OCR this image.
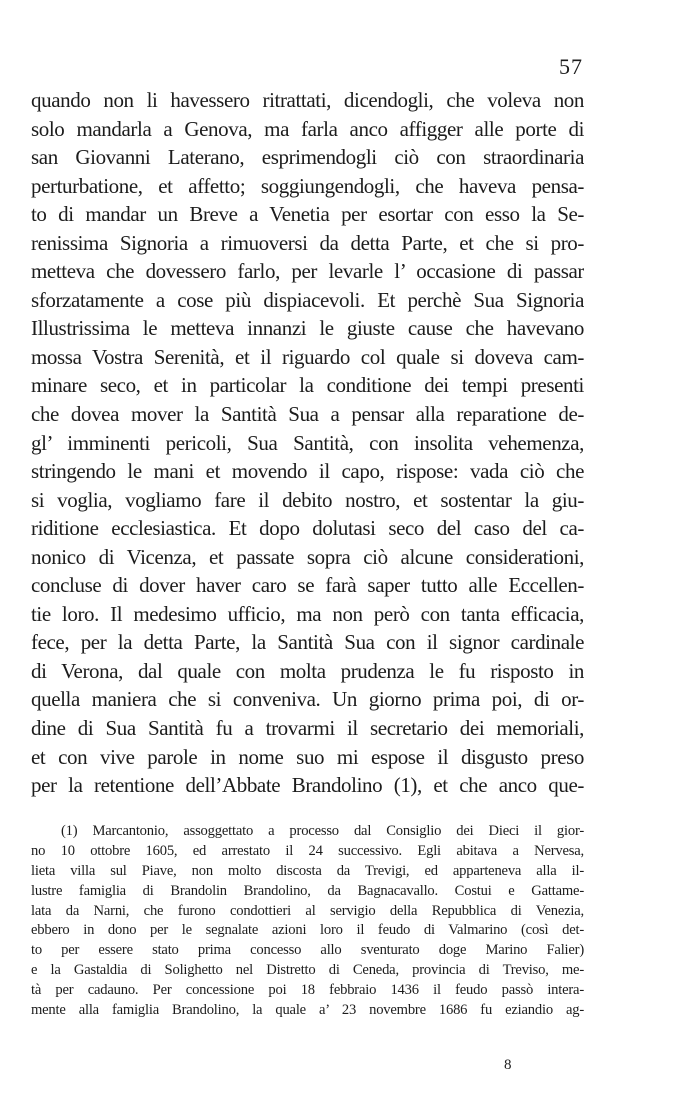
57
quando non li havessero ritrattati, dicendogli, che voleva non
solo mandarla a Genova, ma farla anco affigger alle porte di
san Giovanni Laterano, esprimendogli ciò con straordinaria
perturbatione, et affetto; soggiungendogli, che haveva pensa-
to di mandar un Breve a Venetia per esortar con esso la Se-
renissima Signoria a rimuoversi da detta Parte, et che si pro-
metteva che dovessero farlo, per levarle l’ occasione di passar
sforzatamente a cose più dispiacevoli. Et perchè Sua Signoria
Illustrissima le metteva innanzi le giuste cause che havevano
mossa Vostra Serenità, et il riguardo col quale si doveva cam-
minare seco, et in particolar la conditione dei tempi presenti
che dovea mover la Santità Sua a pensar alla reparatione de-
gl’ imminenti pericoli, Sua Santità, con insolita vehemenza,
stringendo le mani et movendo il capo, rispose: vada ciò che
si voglia, vogliamo fare il debito nostro, et sostentar la giu-
riditione ecclesiastica. Et dopo dolutasi seco del caso del ca-
nonico di Vicenza, et passate sopra ciò alcune considerationi,
concluse di dover haver caro se farà saper tutto alle Eccellen-
tie loro. Il medesimo ufficio, ma non però con tanta efficacia,
fece, per la detta Parte, la Santità Sua con il signor cardinale
di Verona, dal quale con molta prudenza le fu risposto in
quella maniera che si conveniva. Un giorno prima poi, di or-
dine di Sua Santità fu a trovarmi il secretario dei memoriali,
et con vive parole in nome suo mi espose il disgusto preso
per la retentione dell’Abbate Brandolino (1), et che anco que-
(1) Marcantonio, assoggettato a processo dal Consiglio dei Dieci il gior-
no 10 ottobre 1605, ed arrestato il 24 successivo. Egli abitava a Nervesa,
lieta villa sul Piave, non molto discosta da Trevigi, ed apparteneva alla il-
lustre famiglia di Brandolin Brandolino, da Bagnacavallo. Costui e Gattame-
lata da Narni, che furono condottieri al servigio della Repubblica di Venezia,
ebbero in dono per le segnalate azioni loro il feudo di Valmarino (così det-
to per essere stato prima concesso allo sventurato doge Marino Falier)
e la Gastaldia di Solighetto nel Distretto di Ceneda, provincia di Treviso, me-
tà per cadauno. Per concessione poi 18 febbraio 1436 il feudo passò intera-
mente alla famiglia Brandolino, la quale a’ 23 novembre 1686 fu eziandio ag-
8
